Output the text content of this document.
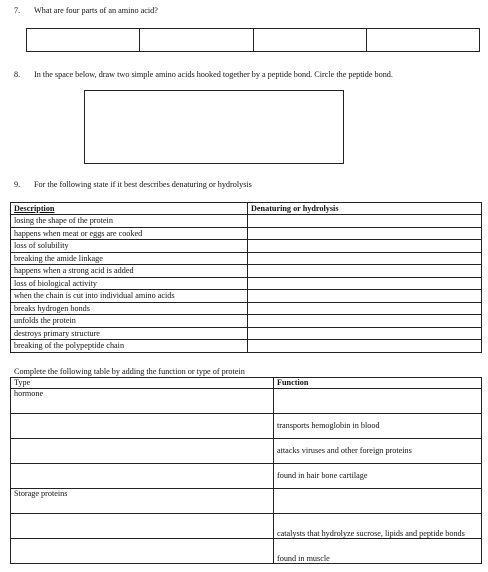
7. What are four parts of an amino acid?
8.	In the space below, draw two simple amino acids hooked together by a peptide bond. Circle the peptide bond.
9. For the following state if it best describes denaturing or hydrolysis
Description	Denaturing or hydrolysis
losing the shape of the protein	
happens when meat or eggs are cooked	
loss of solubility	
breaking the amide linkage	
happens when a strong acid is added	
loss of biological activity	
when the chain is cut into individual amino acids	
breaks hydrogen bonds	
unfolds the protein	
destroys primary structure	
breaking of the polypeptide chain	
Complete the following table by adding the function or type of protein
Type	Function
hormone	
	transports hemoglobin in blood
	attacks viruses and other foreign proteins
	found in hair bone cartilage
Storage proteins	
	catalysts that hydrolyze sucrose, lipids and peptide bonds
	found in muscle
